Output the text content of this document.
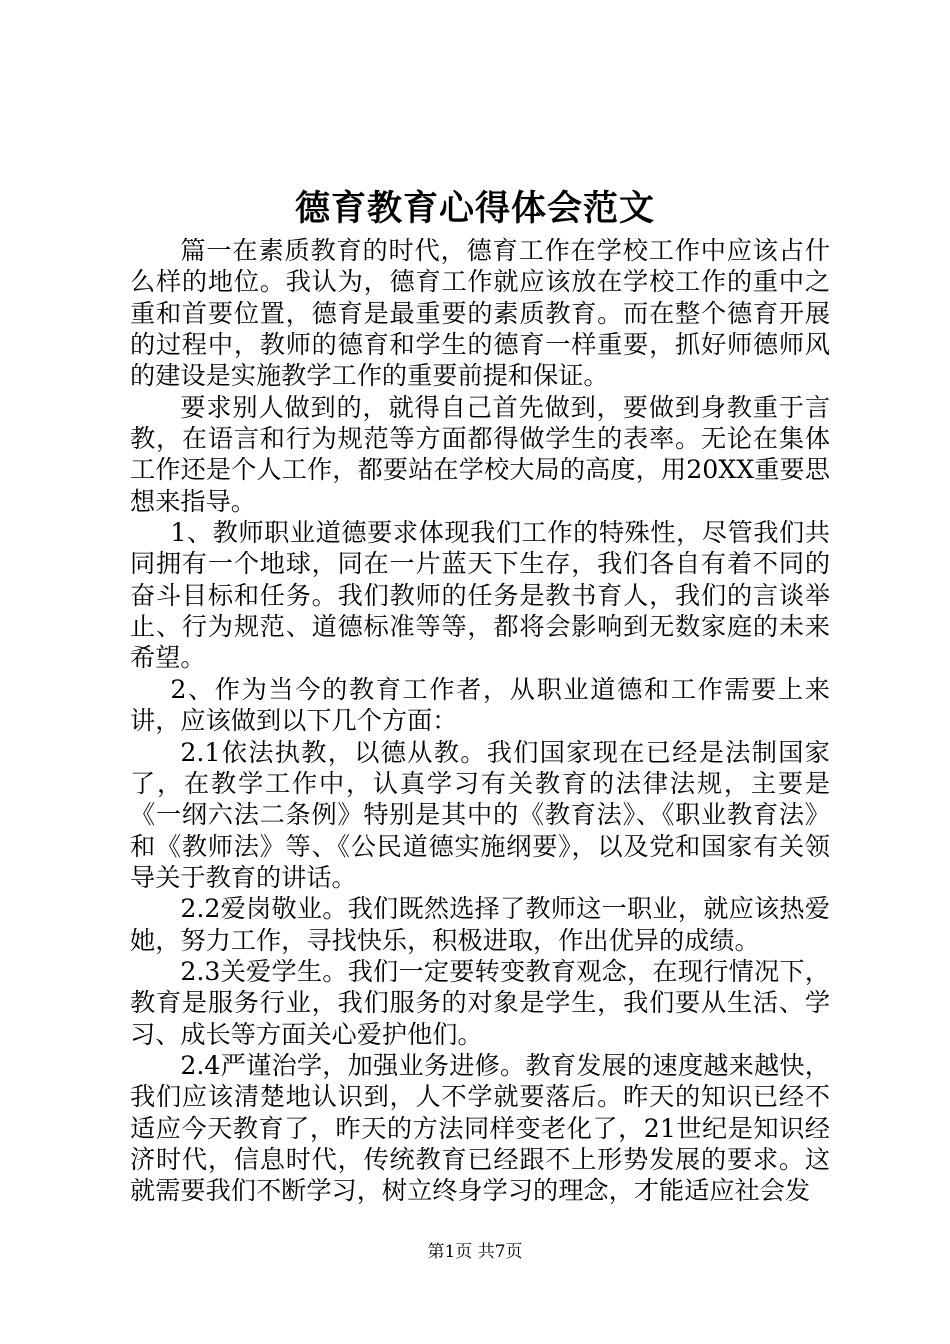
德育教育心得体会范文

篇一在素质教育的时代，德育工作在学校工作中应该占什么样的地位。我认为，德育工作就应该放在学校工作的重中之重和首要位置，德育是最重要的素质教育。而在整个德育开展的过程中，教师的德育和学生的德育一样重要，抓好师德师风的建设是实施教学工作的重要前提和保证。

要求别人做到的，就得自己首先做到，要做到身教重于言教，在语言和行为规范等方面都得做学生的表率。无论在集体工作还是个人工作，都要站在学校大局的高度，用20XX重要思想来指导。

1、教师职业道德要求体现我们工作的特殊性，尽管我们共同拥有一个地球，同在一片蓝天下生存，我们各自有着不同的奋斗目标和任务。我们教师的任务是教书育人，我们的言谈举止、行为规范、道德标准等等，都将会影响到无数家庭的未来希望。

2、作为当今的教育工作者，从职业道德和工作需要上来讲，应该做到以下几个方面：

2.1依法执教，以德从教。我们国家现在已经是法制国家了，在教学工作中，认真学习有关教育的法律法规，主要是《一纲六法二条例》特别是其中的《教育法》、《职业教育法》和《教师法》等、《公民道德实施纲要》，以及党和国家有关领导关于教育的讲话。

2.2爱岗敬业。我们既然选择了教师这一职业，就应该热爱她，努力工作，寻找快乐，积极进取，作出优异的成绩。

2.3关爱学生。我们一定要转变教育观念，在现行情况下，教育是服务行业，我们服务的对象是学生，我们要从生活、学习、成长等方面关心爱护他们。

2.4严谨治学，加强业务进修。教育发展的速度越来越快，我们应该清楚地认识到，人不学就要落后。昨天的知识已经不适应今天教育了，昨天的方法同样变老化了，21世纪是知识经济时代，信息时代，传统教育已经跟不上形势发展的要求。这就需要我们不断学习，树立终身学习的理念，才能适应社会发

第1页 共7页
